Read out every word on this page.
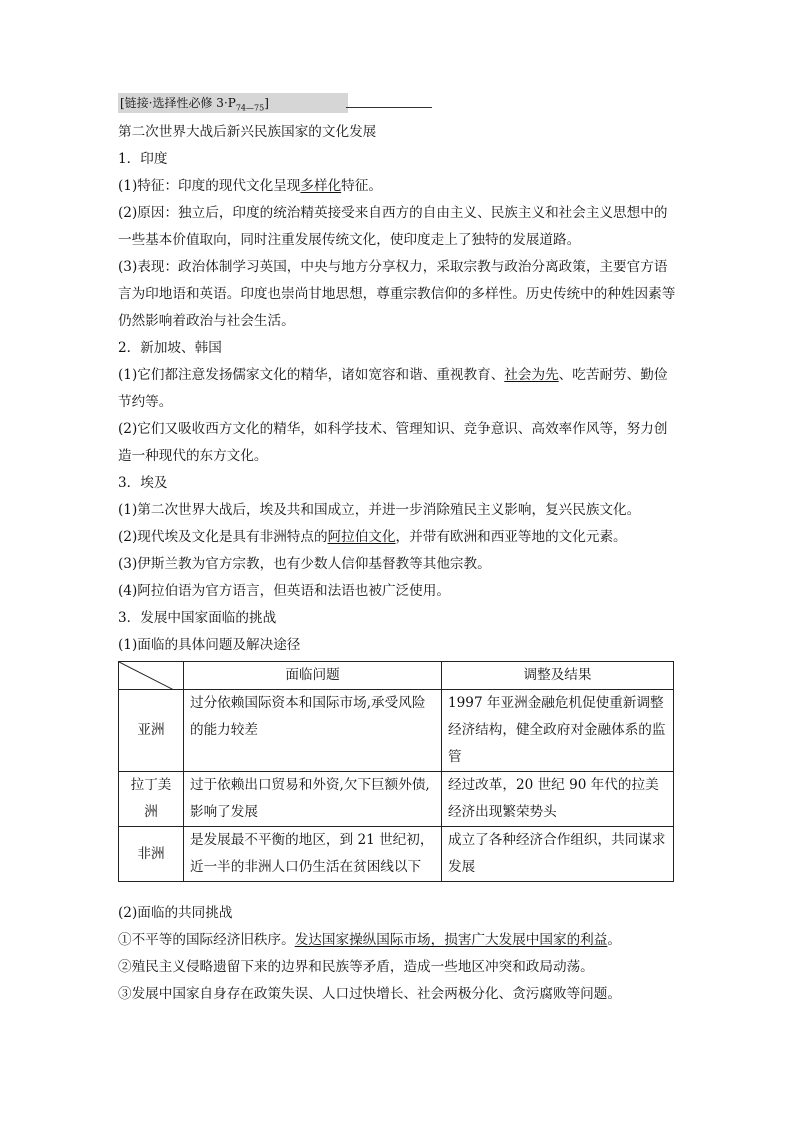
[链接·选择性必修 $3\cdot P_{74—75}$]

第二次世界大战后新兴民族国家的文化发展

1．印度

(1)特征：印度的现代文化呈现多样化特征。

(2)原因：独立后，印度的统治精英接受来自西方的自由主义、民族主义和社会主义思想中的一些基本价值取向，同时注重发展传统文化，使印度走上了独特的发展道路。

(3)表现：政治体制学习英国，中央与地方分享权力，采取宗教与政治分离政策，主要官方语言为印地语和英语。印度也崇尚甘地思想，尊重宗教信仰的多样性。历史传统中的种姓因素等仍然影响着政治与社会生活。

2．新加坡、韩国

(1)它们都注意发扬儒家文化的精华，诸如宽容和谐、重视教育、社会为先、吃苦耐劳、勤俭节约等。

(2)它们又吸收西方文化的精华，如科学技术、管理知识、竞争意识、高效率作风等，努力创造一种现代的东方文化。

3．埃及

(1)第二次世界大战后，埃及共和国成立，并进一步消除殖民主义影响，复兴民族文化。

(2)现代埃及文化是具有非洲特点的阿拉伯文化，并带有欧洲和西亚等地的文化元素。

(3)伊斯兰教为官方宗教，也有少数人信仰基督教等其他宗教。

(4)阿拉伯语为官方语言，但英语和法语也被广泛使用。

3．发展中国家面临的挑战

(1)面临的具体问题及解决途径

	面临问题	调整及结果
亚洲	过分依赖国际资本和国际市场,承受风险的能力较差	1997 年亚洲金融危机促使重新调整经济结构，健全政府对金融体系的监管
拉丁美洲	过于依赖出口贸易和外资,欠下巨额外债,影响了发展	经过改革，20 世纪 90 年代的拉美经济出现繁荣势头
非洲	是发展最不平衡的地区，到 21 世纪初，近一半的非洲人口仍生活在贫困线以下	成立了各种经济合作组织，共同谋求发展

(2)面临的共同挑战

①不平等的国际经济旧秩序。发达国家操纵国际市场，损害广大发展中国家的利益。

②殖民主义侵略遗留下来的边界和民族等矛盾，造成一些地区冲突和政局动荡。

③发展中国家自身存在政策失误、人口过快增长、社会两极分化、贪污腐败等问题。
